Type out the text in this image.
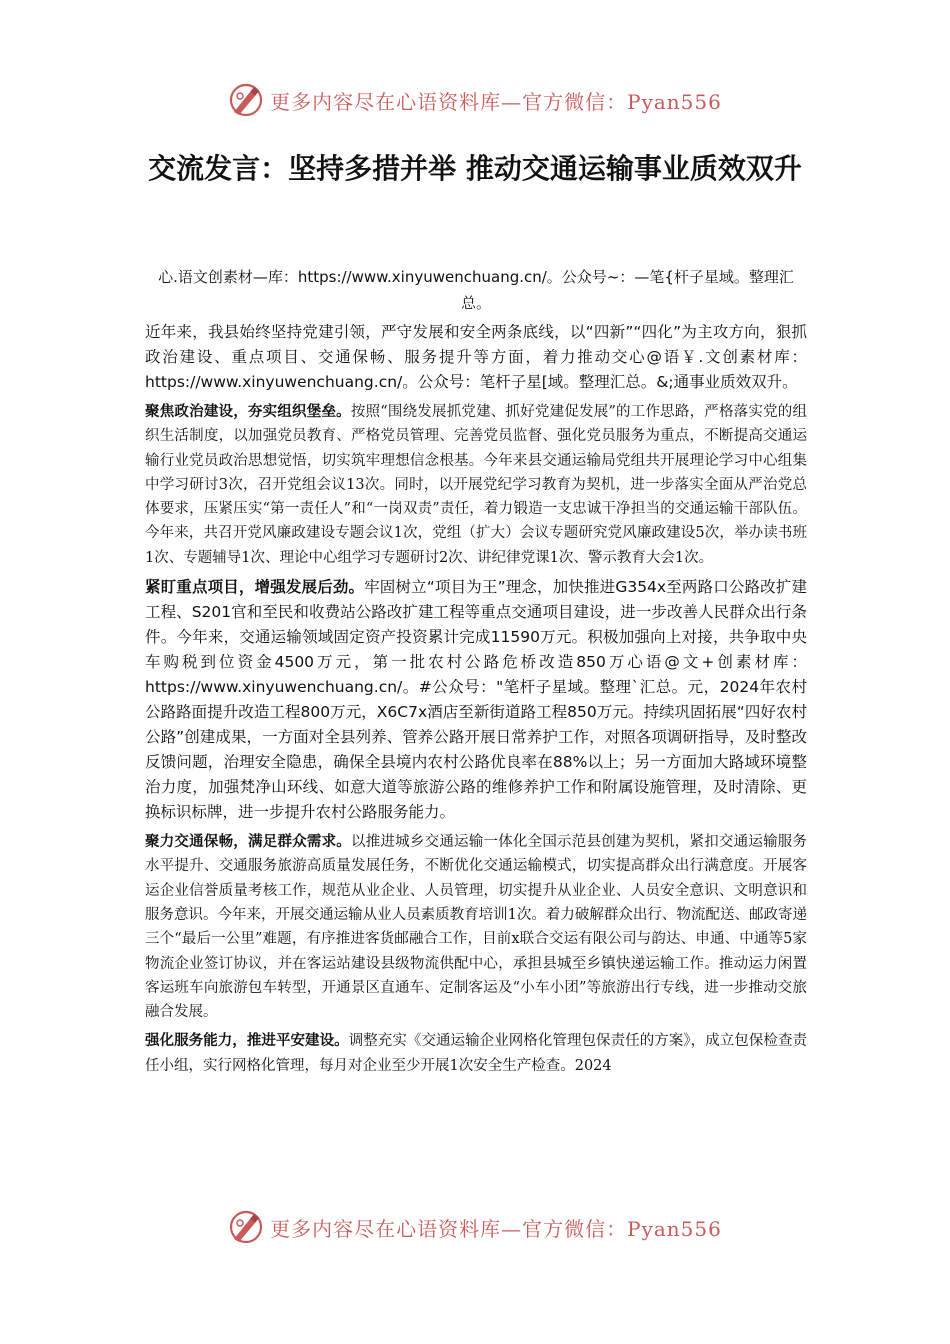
更多内容尽在心语资料库—官方微信：Pyan556
交流发言：坚持多措并举 推动交通运输事业质效双升

心.语文创素材—库：https://www.xinyuwenchuang.cn/。公众号~：—笔{杆子星域。整理汇总。

近年来，我县始终坚持党建引领，严守发展和安全两条底线，以“四新”“四化”为主攻方向，狠抓政治建设、重点项目、交通保畅、服务提升等方面，着力推动交心@语￥.文创素材库：https://www.xinyuwenchuang.cn/。公众号：笔杆子星[域。整理汇总。&;通事业质效双升。

聚焦政治建设，夯实组织堡垒。按照“围绕发展抓党建、抓好党建促发展”的工作思路，严格落实党的组织生活制度，以加强党员教育、严格党员管理、完善党员监督、强化党员服务为重点，不断提高交通运输行业党员政治思想觉悟，切实筑牢理想信念根基。今年来县交通运输局党组共开展理论学习中心组集中学习研讨3次，召开党组会议13次。同时，以开展党纪学习教育为契机，进一步落实全面从严治党总体要求，压紧压实“第一责任人”和“一岗双责”责任，着力锻造一支忠诚干净担当的交通运输干部队伍。今年来，共召开党风廉政建设专题会议1次，党组（扩大）会议专题研究党风廉政建设5次，举办读书班1次、专题辅导1次、理论中心组学习专题研讨2次、讲纪律党课1次、警示教育大会1次。

紧盯重点项目，增强发展后劲。牢固树立“项目为王”理念，加快推进G354x至两路口公路改扩建工程、S201官和至民和收费站公路改扩建工程等重点交通项目建设，进一步改善人民群众出行条件。今年来，交通运输领域固定资产投资累计完成11590万元。积极加强向上对接，共争取中央车购税到位资金4500万元，第一批农村公路危桥改造850万心语@文+创素材库：https://www.xinyuwenchuang.cn/。#公众号："笔杆子星域。整理`汇总。元，2024年农村公路路面提升改造工程800万元，X6C7x酒店至新街道路工程850万元。持续巩固拓展“四好农村公路”创建成果，一方面对全县列养、管养公路开展日常养护工作，对照各项调研指导，及时整改反馈问题，治理安全隐患，确保全县境内农村公路优良率在88%以上；另一方面加大路域环境整治力度，加强梵净山环线、如意大道等旅游公路的维修养护工作和附属设施管理，及时清除、更换标识标牌，进一步提升农村公路服务能力。

聚力交通保畅，满足群众需求。以推进城乡交通运输一体化全国示范县创建为契机，紧扣交通运输服务水平提升、交通服务旅游高质量发展任务，不断优化交通运输模式，切实提高群众出行满意度。开展客运企业信誉质量考核工作，规范从业企业、人员管理，切实提升从业企业、人员安全意识、文明意识和服务意识。今年来，开展交通运输从业人员素质教育培训1次。着力破解群众出行、物流配送、邮政寄递三个“最后一公里”难题，有序推进客货邮融合工作，目前x联合交运有限公司与韵达、申通、中通等5家物流企业签订协议，并在客运站建设县级物流供配中心，承担县城至乡镇快递运输工作。推动运力闲置客运班车向旅游包车转型，开通景区直通车、定制客运及“小车小团”等旅游出行专线，进一步推动交旅融合发展。

强化服务能力，推进平安建设。调整充实《交通运输企业网格化管理包保责任的方案》，成立包保检查责任小组，实行网格化管理，每月对企业至少开展1次安全生产检查。2024

更多内容尽在心语资料库—官方微信：Pyan556
